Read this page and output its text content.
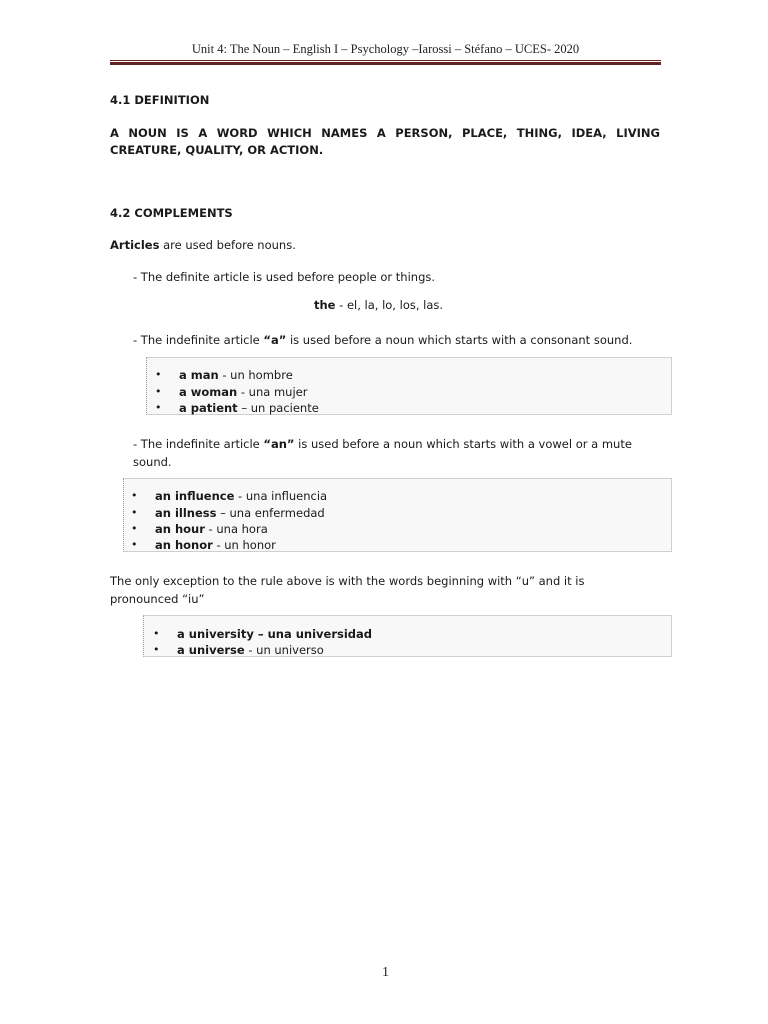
Unit 4: The Noun – English I – Psychology –Iarossi – Stéfano – UCES- 2020
4.1 DEFINITION
A NOUN IS A WORD WHICH NAMES A PERSON, PLACE, THING, IDEA, LIVING CREATURE, QUALITY, OR ACTION.
4.2 COMPLEMENTS
Articles are used before nouns.
- The definite article is used before people or things.
the - el, la, lo, los, las.
- The indefinite article “a” is used before a noun which starts with a consonant sound.
• a man - un hombre
• a woman - una mujer
• a patient – un paciente
- The indefinite article “an” is used before a noun which starts with a vowel or a mute
sound.
• an influence - una influencia
• an illness – una enfermedad
• an hour - una hora
• an honor - un honor
The only exception to the rule above is with the words beginning with “u” and it is
pronounced “iu”
• a university – una universidad
• a universe - un universo
1
